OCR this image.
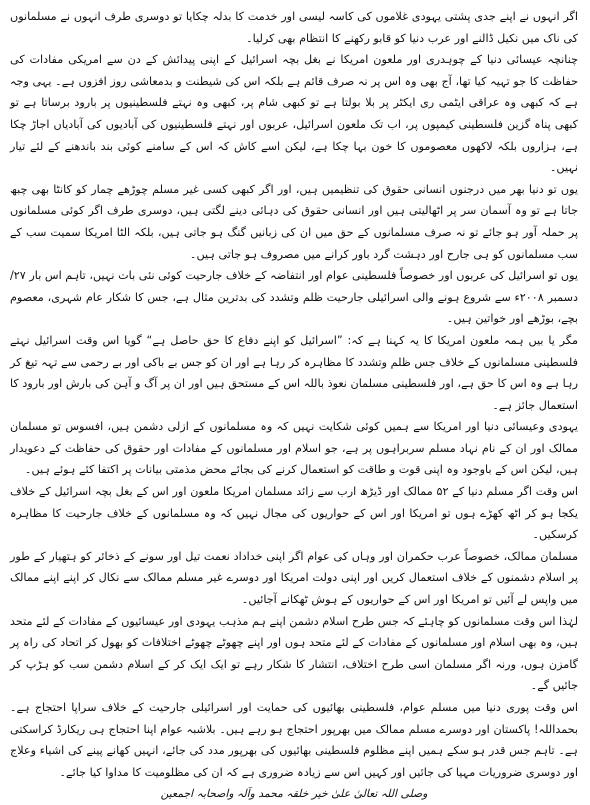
اگر انہوں نے اپنے جدی پشتی یہودی غلاموں کی کاسہ لیسی اور خدمت کا بدلہ چکایا تو دوسری طرف انہوں نے مسلمانوں کی ناک میں نکیل ڈالنے اور عرب دنیا کو قابو رکھنے کا انتظام بھی کرلیا۔

چنانچہ عیسائی دنیا کے چوہدری اور ملعون امریکا نے بغل بچہ اسرائیل کے اپنی پیدائش کے دن سے امریکی مفادات کی حفاظت کا جو تہیہ کیا تھا، آج بھی وہ اس پر نہ صرف قائم ہے بلکہ اس کی شیطنت و بدمعاشی روز افزوں ہے۔ یہی وجہ ہے کہ کبھی وہ عراقی ایٹمی ری ایکٹر پر بلا بولتا ہے تو کبھی شام پر، کبھی وہ نہتے فلسطینیوں پر بارود برساتا ہے تو کبھی پناہ گزین فلسطینی کیمپوں پر، اب تک ملعون اسرائیل، عربوں اور نہتے فلسطینیوں کی آبادیوں کی آبادیاں اجاڑ چکا ہے، ہزاروں بلکہ لاکھوں معصوموں کا خون بہا چکا ہے، لیکن اسے کاش کہ اس کے سامنے کوئی بند باندھنے کے لئے تیار نہیں۔

یوں تو دنیا بھر میں درجنوں انسانی حقوق کی تنظیمیں ہیں، اور اگر کبھی کسی غیر مسلم چوڑھے چمار کو کانٹا بھی چبھ جاتا ہے تو وہ آسمان سر پر اٹھالیتی ہیں اور انسانی حقوق کی دہائی دینے لگتی ہیں، دوسری طرف اگر کوئی مسلمانوں پر حملہ آور ہو جائے تو نہ صرف مسلمانوں کے حق میں ان کی زبانیں گنگ ہو جاتی ہیں، بلکہ الٹا امریکا سمیت سب کے سب مسلمانوں کو ہی جارح اور دہشت گرد باور کرانے میں مصروف ہو جاتی ہیں۔

یوں تو اسرائیل کی عربوں اور خصوصاً فلسطینی عوام اور انتفاضہ کے خلاف جارحیت کوئی نئی بات نہیں، تاہم اس بار ۲۷/ دسمبر ۲۰۰۸ء سے شروع ہونے والی اسرائیلی جارحیت ظلم وتشدد کی بدترین مثال ہے، جس کا شکار عام شہری، معصوم بچے، بوڑھے اور خواتین ہیں۔

مگر یا بیں ہمہ ملعون امریکا کا یہ کہنا ہے کہ: ”اسرائیل کو اپنے دفاع کا حق حاصل ہے“ گویا اس وقت اسرائیل نہتے فلسطینی مسلمانوں کے خلاف جس ظلم وتشدد کا مظاہرہ کر رہا ہے اور ان کو جس بے باکی اور بے رحمی سے تہہ تیغ کر رہا ہے وہ اس کا حق ہے، اور فلسطینی مسلمان نعوذ باللہ اس کے مستحق ہیں اور ان پر آگ و آہن کی بارش اور بارود کا استعمال جائز ہے۔

یہودی وعیسائی دنیا اور امریکا سے ہمیں کوئی شکایت نہیں کہ وہ مسلمانوں کے ازلی دشمن ہیں، افسوس تو مسلمان ممالک اور ان کے نام نہاد مسلم سربراہوں پر ہے، جو اسلام اور مسلمانوں کے مفادات اور حقوق کی حفاظت کے دعویدار ہیں، لیکن اس کے باوجود وہ اپنی قوت و طاقت کو استعمال کرنے کی بجائے محض مذمتی بیانات پر اکتفا کئے ہوئے ہیں۔

اس وقت اگر مسلم دنیا کے ۵۲ ممالک اور ڈیڑھ ارب سے زائد مسلمان امریکا ملعون اور اس کے بغل بچہ اسرائیل کے خلاف یکجا ہو کر اٹھ کھڑے ہوں تو امریکا اور اس کے حواریوں کی مجال نہیں کہ وہ مسلمانوں کے خلاف جارحیت کا مظاہرہ کرسکیں۔

مسلمان ممالک، خصوصاً عرب حکمران اور وہاں کی عوام اگر اپنی خداداد نعمت تیل اور سونے کے ذخائر کو ہتھیار کے طور پر اسلام دشمنوں کے خلاف استعمال کریں اور اپنی دولت امریکا اور دوسرے غیر مسلم ممالک سے نکال کر اپنے اپنے ممالک میں واپس لے آئیں تو امریکا اور اس کے حواریوں کے ہوش ٹھکانے آجائیں۔

لہٰذا اس وقت مسلمانوں کو چاہئے کہ جس طرح اسلام دشمن اپنے ہم مذہب یہودی اور عیسائیوں کے مفادات کے لئے متحد ہیں، وہ بھی اسلام اور مسلمانوں کے مفادات کے لئے متحد ہوں اور اپنے چھوٹے چھوٹے اختلافات کو بھول کر اتحاد کی راہ پر گامزن ہوں، ورنہ اگر مسلمان اسی طرح اختلاف، انتشار کا شکار رہے تو ایک ایک کر کے اسلام دشمن سب کو ہڑپ کر جائیں گے۔

اس وقت پوری دنیا میں مسلم عوام، فلسطینی بھائیوں کی حمایت اور اسرائیلی جارحیت کے خلاف سراپا احتجاج ہے۔ بحمداللہ! پاکستان اور دوسرے مسلم ممالک میں بھرپور احتجاج ہو رہے ہیں۔ بلاشبہ عوام اپنا احتجاج ہی ریکارڈ کراسکتی ہے۔ تاہم جس قدر ہو سکے ہمیں اپنے مظلوم فلسطینی بھائیوں کی بھرپور مدد کی جائے، انہیں کھانے پینے کی اشیاء وعلاج اور دوسری ضروریات مہیا کی جائیں اور کہیں اس سے زیادہ ضروری ہے کہ ان کی مظلومیت کا مداوا کیا جائے۔

وصلی اللہ تعالیٰ علیٰ خیر خلقہ محمد وآلہ واصحابہ اجمعین
